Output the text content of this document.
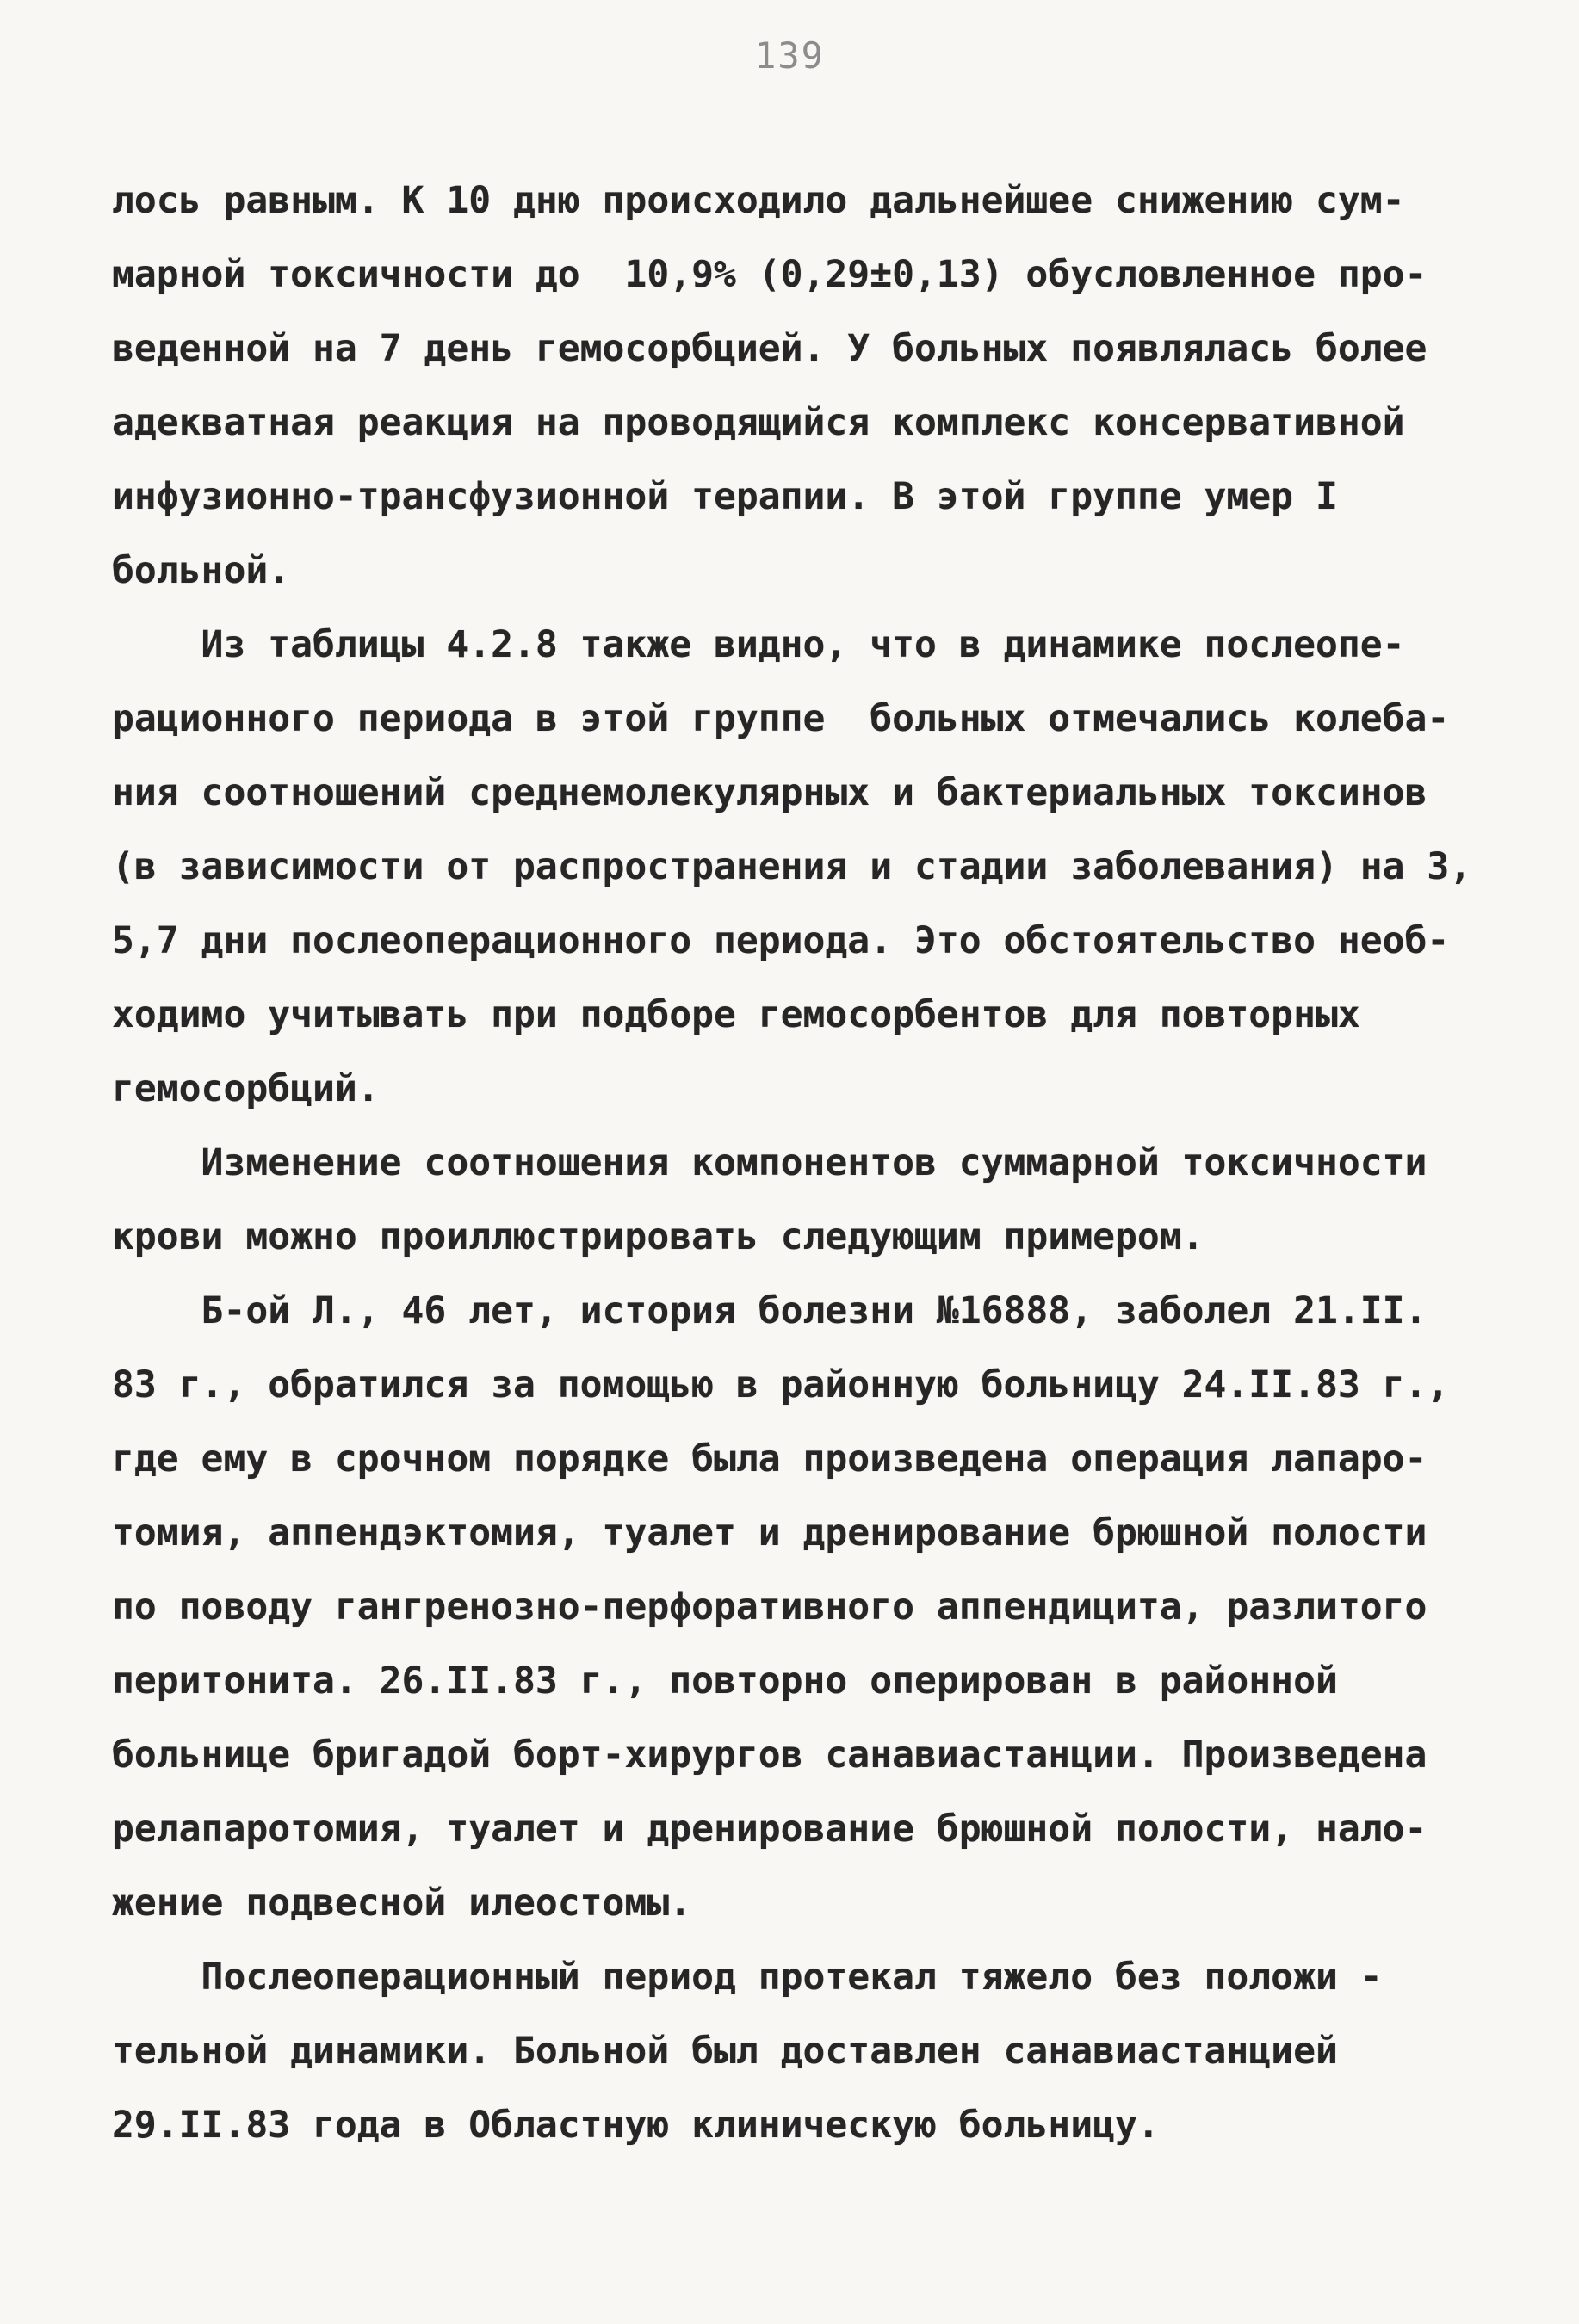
139
лось равным. К 10 дню происходило дальнейшее снижению сум-
марной токсичности до  10,9% (0,29±0,13) обусловленное про-
веденной на 7 день гемосорбцией. У больных появлялась более
адекватная реакция на проводящийся комплекс консервативной
инфузионно-трансфузионной терапии. В этой группе умер I
больной.
Из таблицы 4.2.8 также видно, что в динамике послеопе-
рационного периода в этой группе  больных отмечались колеба-
ния соотношений среднемолекулярных и бактериальных токсинов
(в зависимости от распространения и стадии заболевания) на 3,
5,7 дни послеоперационного периода. Это обстоятельство необ-
ходимо учитывать при подборе гемосорбентов для повторных
гемосорбций.
Изменение соотношения компонентов суммарной токсичности
крови можно проиллюстрировать следующим примером.
Б-ой Л., 46 лет, история болезни №16888, заболел 21.II.
83 г., обратился за помощью в районную больницу 24.II.83 г.,
где ему в срочном порядке была произведена операция лапаро-
томия, аппендэктомия, туалет и дренирование брюшной полости
по поводу гангренозно-перфоративного аппендицита, разлитого
перитонита. 26.II.83 г., повторно оперирован в районной
больнице бригадой борт-хирургов санавиастанции. Произведена
релапаротомия, туалет и дренирование брюшной полости, нало-
жение подвесной илеостомы.
Послеоперационный период протекал тяжело без положи -
тельной динамики. Больной был доставлен санавиастанцией
29.II.83 года в Областную клиническую больницу.
